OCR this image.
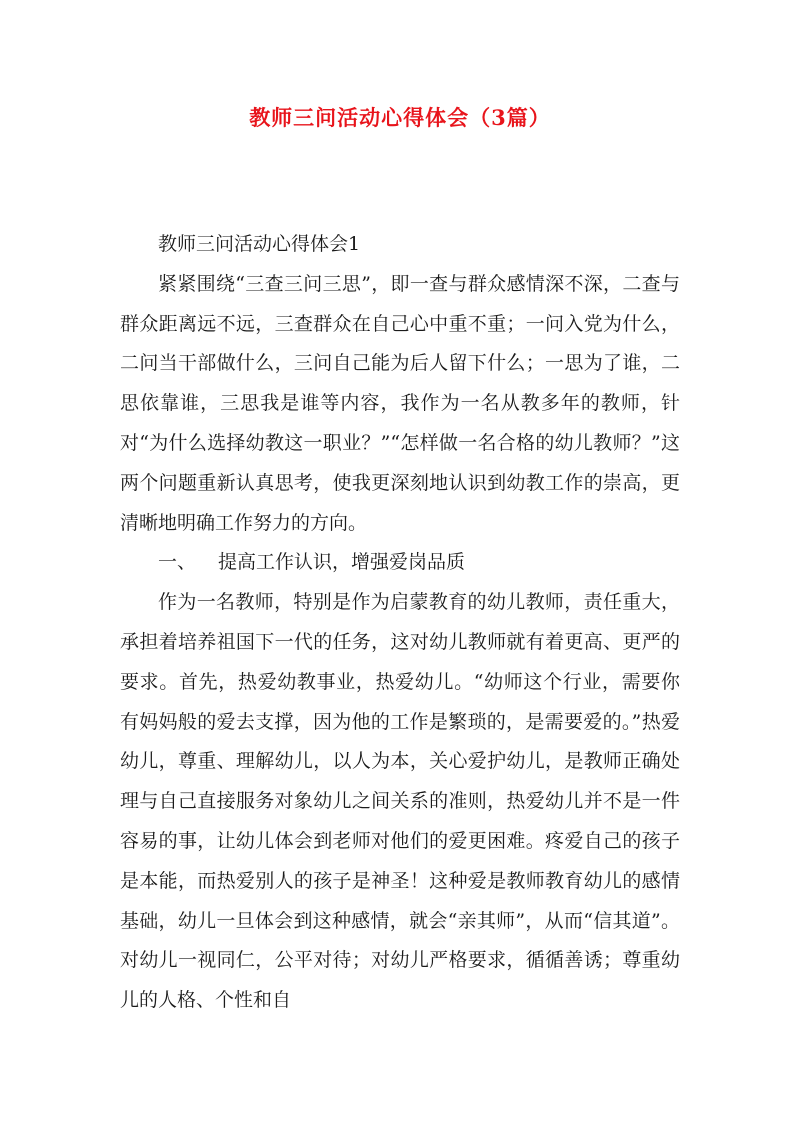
教师三问活动心得体会（3篇）

教师三问活动心得体会1

紧紧围绕“三查三问三思”，即一查与群众感情深不深，二查与群众距离远不远，三查群众在自己心中重不重；一问入党为什么，二问当干部做什么，三问自己能为后人留下什么；一思为了谁，二思依靠谁，三思我是谁等内容，我作为一名从教多年的教师，针对“为什么选择幼教这一职业？”“怎样做一名合格的幼儿教师？”这两个问题重新认真思考，使我更深刻地认识到幼教工作的崇高，更清晰地明确工作努力的方向。

一、 提高工作认识，增强爱岗品质

作为一名教师，特别是作为启蒙教育的幼儿教师，责任重大，承担着培养祖国下一代的任务，这对幼儿教师就有着更高、更严的要求。首先，热爱幼教事业，热爱幼儿。“幼师这个行业，需要你有妈妈般的爱去支撑，因为他的工作是繁琐的，是需要爱的。”热爱幼儿，尊重、理解幼儿，以人为本，关心爱护幼儿，是教师正确处理与自己直接服务对象幼儿之间关系的准则，热爱幼儿并不是一件容易的事，让幼儿体会到老师对他们的爱更困难。疼爱自己的孩子是本能，而热爱别人的孩子是神圣！这种爱是教师教育幼儿的感情基础，幼儿一旦体会到这种感情，就会“亲其师”，从而“信其道”。 对幼儿一视同仁，公平对待；对幼儿严格要求，循循善诱；尊重幼儿的人格、个性和自
